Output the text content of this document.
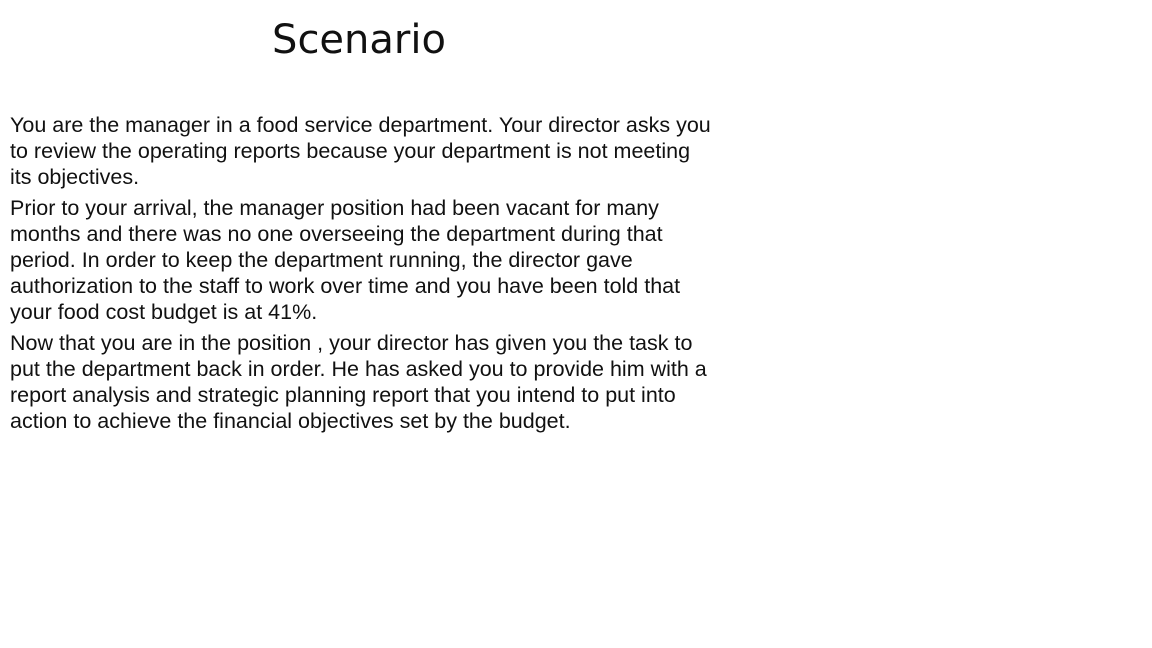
Scenario

You are the manager in a food service department. Your director asks you to review the operating reports because your department is not meeting its objectives.

Prior to your arrival, the manager position had been vacant for many months and there was no one overseeing the department during that period. In order to keep the department running, the director gave authorization to the staff to work over time and you have been told that your food cost budget is at 41%.

Now that you are in the position , your director has given you the task to put the department back in order. He has asked you to provide him with a report analysis and strategic planning report that you intend to put into action to achieve the financial objectives set by the budget.
